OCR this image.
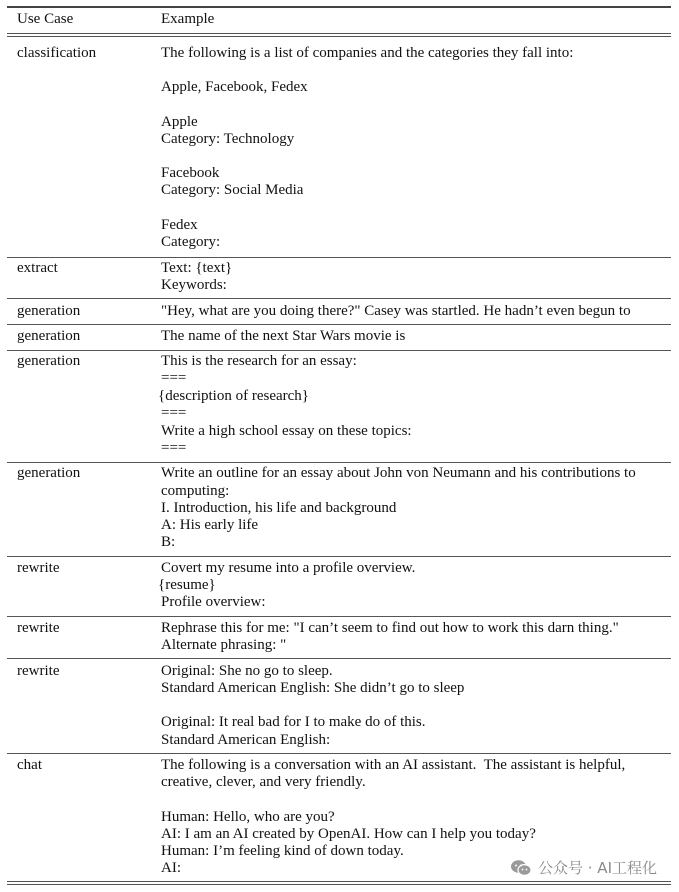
Use Case	Example
classification	The following is a list of companies and the categories they fall into:
Apple, Facebook, Fedex
Apple
Category: Technology
Facebook
Category: Social Media
Fedex
Category:
extract	Text: {text}
Keywords:
generation	"Hey, what are you doing there?" Casey was startled. He hadn’t even begun to
generation	The name of the next Star Wars movie is
generation	This is the research for an essay:
===
{description of research}
===
Write a high school essay on these topics:
===
generation	Write an outline for an essay about John von Neumann and his contributions to
computing:
I. Introduction, his life and background
A: His early life
B:
rewrite	Covert my resume into a profile overview.
{resume}
Profile overview:
rewrite	Rephrase this for me: "I can’t seem to find out how to work this darn thing."
Alternate phrasing: "
rewrite	Original: She no go to sleep.
Standard American English: She didn’t go to sleep
Original: It real bad for I to make do of this.
Standard American English:
chat	The following is a conversation with an AI assistant.  The assistant is helpful,
creative, clever, and very friendly.
Human: Hello, who are you?
AI: I am an AI created by OpenAI. How can I help you today?
Human: I’m feeling kind of down today.
AI:	公众号 · AI工程化
